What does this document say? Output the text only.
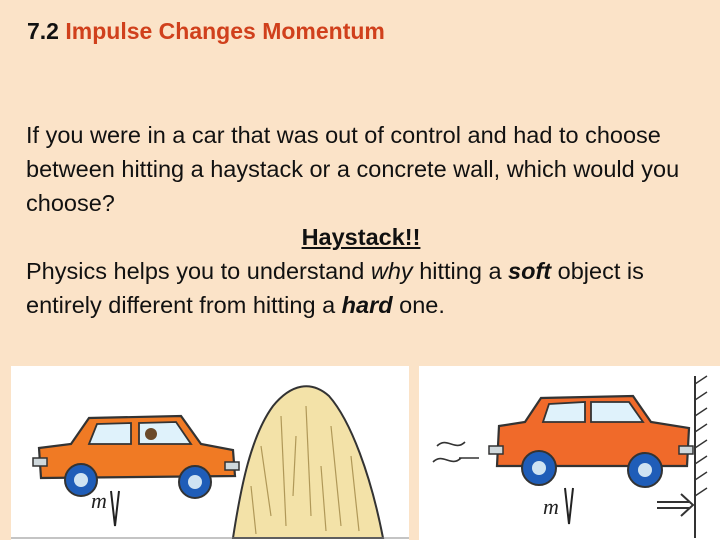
7.2 Impulse Changes Momentum
If you were in a car that was out of control and had to choose between hitting a haystack or a concrete wall, which would you choose?
Haystack!!
Physics helps you to understand why hitting a soft object is entirely different from hitting a hard one.
m	m
